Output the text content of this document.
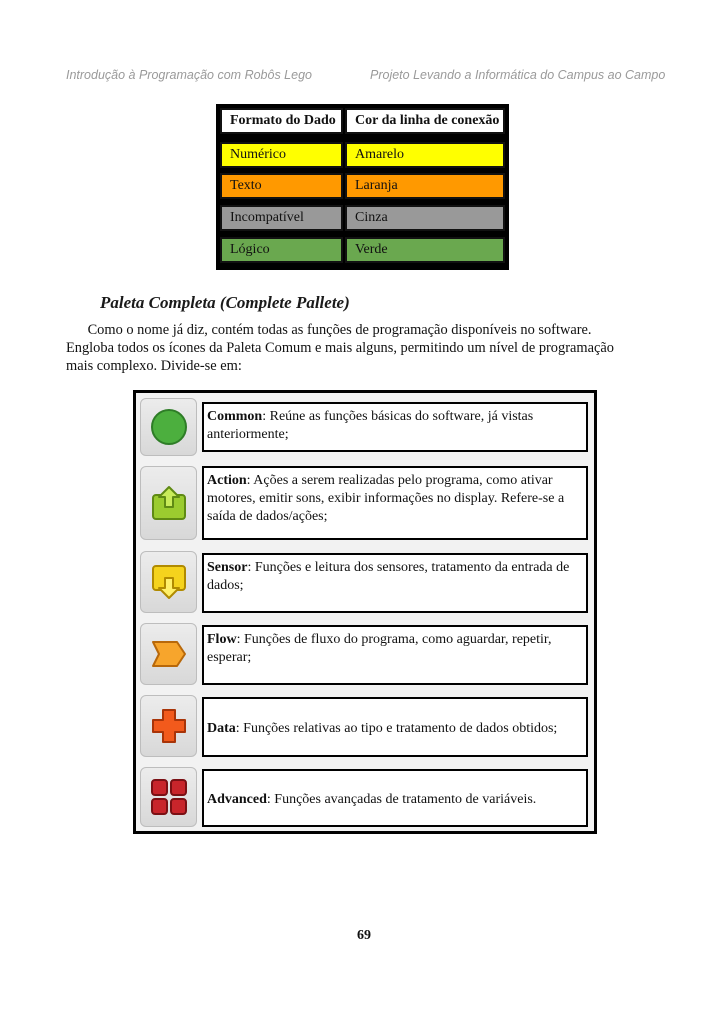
Introdução à Programação com Robôs Lego	Projeto Levando a Informática do Campus ao Campo
Formato do Dado	Cor da linha de conexão
Numérico	Amarelo
Texto	Laranja
Incompatível	Cinza
Lógico	Verde
Paleta Completa (Complete Pallete)
Como o nome já diz, contém todas as funções de programação disponíveis no software.
Engloba todos os ícones da Paleta Comum e mais alguns, permitindo um nível de programação
mais complexo. Divide-se em:
Common: Reúne as funções básicas do software, já vistas anteriormente;
Action: Ações a serem realizadas pelo programa, como ativar motores, emitir sons, exibir informações no display. Refere-se a saída de dados/ações;
Sensor: Funções e leitura dos sensores, tratamento da entrada de dados;
Flow: Funções de fluxo do programa, como aguardar, repetir, esperar;
Data: Funções relativas ao tipo e tratamento de dados obtidos;
Advanced: Funções avançadas de tratamento de variáveis.
69
